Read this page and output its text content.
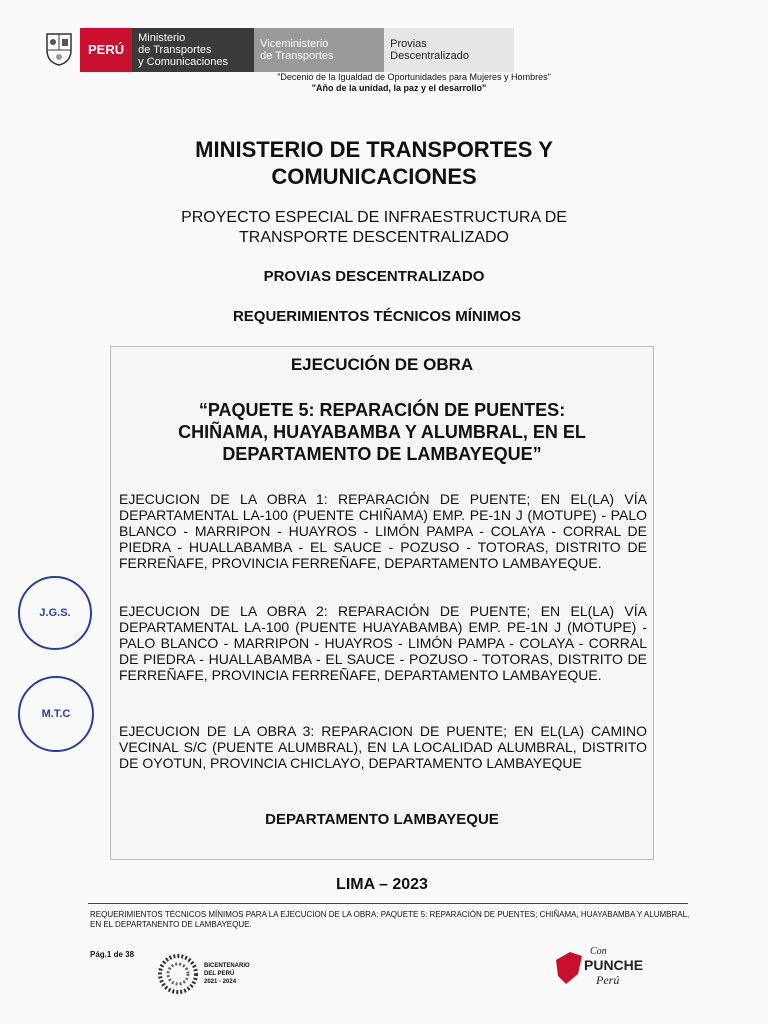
PERÚ
Ministerio
de Transportes
y Comunicaciones
Viceministerio
de Transportes
Provias
Descentralizado
"Decenio de la Igualdad de Oportunidades para Mujeres y Hombres"
"Año de la unidad, la paz y el desarrollo"
MINISTERIO DE TRANSPORTES Y
COMUNICACIONES
PROYECTO ESPECIAL DE INFRAESTRUCTURA DE
TRANSPORTE DESCENTRALIZADO
PROVIAS DESCENTRALIZADO
REQUERIMIENTOS TÉCNICOS MÍNIMOS
EJECUCIÓN DE OBRA
“PAQUETE 5: REPARACIÓN DE PUENTES:
CHIÑAMA, HUAYABAMBA Y ALUMBRAL, EN EL
DEPARTAMENTO DE LAMBAYEQUE”
EJECUCION DE LA OBRA 1: REPARACIÓN DE PUENTE; EN EL(LA) VÍA DEPARTAMENTAL LA-100 (PUENTE CHIÑAMA) EMP. PE-1N J (MOTUPE) - PALO BLANCO - MARRIPON - HUAYROS - LIMÓN PAMPA - COLAYA - CORRAL DE PIEDRA - HUALLABAMBA - EL SAUCE - POZUSO - TOTORAS, DISTRITO DE FERREÑAFE, PROVINCIA FERREÑAFE, DEPARTAMENTO LAMBAYEQUE.
EJECUCION DE LA OBRA 2: REPARACIÓN DE PUENTE; EN EL(LA) VÍA DEPARTAMENTAL LA-100 (PUENTE HUAYABAMBA) EMP. PE-1N J (MOTUPE) - PALO BLANCO - MARRIPON - HUAYROS - LIMÓN PAMPA - COLAYA - CORRAL DE PIEDRA - HUALLABAMBA - EL SAUCE - POZUSO - TOTORAS, DISTRITO DE FERREÑAFE, PROVINCIA FERREÑAFE, DEPARTAMENTO LAMBAYEQUE.
EJECUCION DE LA OBRA 3: REPARACION DE PUENTE; EN EL(LA) CAMINO VECINAL S/C (PUENTE ALUMBRAL), EN LA LOCALIDAD ALUMBRAL, DISTRITO DE OYOTUN, PROVINCIA CHICLAYO, DEPARTAMENTO LAMBAYEQUE
DEPARTAMENTO LAMBAYEQUE
J.G.S.
M.T.C
LIMA – 2023
REQUERIMIENTOS TÉCNICOS MÍNIMOS PARA LA EJECUCION DE LA OBRA: PAQUETE 5: REPARACIÓN DE PUENTES; CHIÑAMA, HUAYABAMBA Y ALUMBRAL, EN EL DEPARTANENTO DE LAMBAYEQUE.
Pág.1 de 38
BICENTENARIO
DEL PERÚ
2021 - 2024
Con
PUNCHE
Perú
